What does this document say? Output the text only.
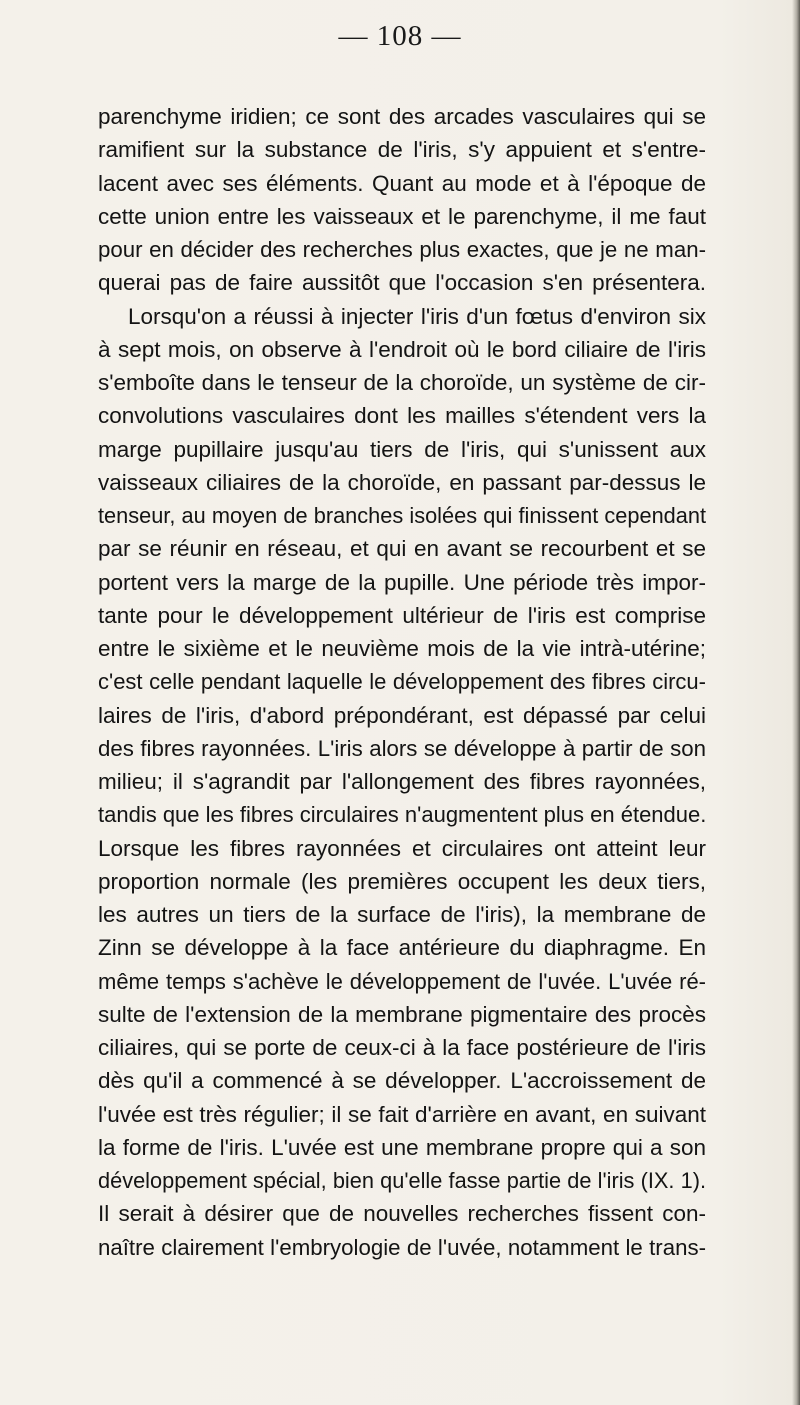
— 108 —
parenchyme iridien; ce sont des arcades vasculaires qui se
ramifient sur la substance de l'iris, s'y appuient et s'entre-
lacent avec ses éléments. Quant au mode et à l'époque de
cette union entre les vaisseaux et le parenchyme, il me faut
pour en décider des recherches plus exactes, que je ne man-
querai pas de faire aussitôt que l'occasion s'en présentera.
Lorsqu'on a réussi à injecter l'iris d'un fœtus d'environ six
à sept mois, on observe à l'endroit où le bord ciliaire de l'iris
s'emboîte dans le tenseur de la choroïde, un système de cir-
convolutions vasculaires dont les mailles s'étendent vers la
marge pupillaire jusqu'au tiers de l'iris, qui s'unissent aux
vaisseaux ciliaires de la choroïde, en passant par-dessus le
tenseur, au moyen de branches isolées qui finissent cependant
par se réunir en réseau, et qui en avant se recourbent et se
portent vers la marge de la pupille. Une période très impor-
tante pour le développement ultérieur de l'iris est comprise
entre le sixième et le neuvième mois de la vie intrà-utérine;
c'est celle pendant laquelle le développement des fibres circu-
laires de l'iris, d'abord prépondérant, est dépassé par celui
des fibres rayonnées. L'iris alors se développe à partir de son
milieu; il s'agrandit par l'allongement des fibres rayonnées,
tandis que les fibres circulaires n'augmentent plus en étendue.
Lorsque les fibres rayonnées et circulaires ont atteint leur
proportion normale (les premières occupent les deux tiers,
les autres un tiers de la surface de l'iris), la membrane de
Zinn se développe à la face antérieure du diaphragme. En
même temps s'achève le développement de l'uvée. L'uvée ré-
sulte de l'extension de la membrane pigmentaire des procès
ciliaires, qui se porte de ceux-ci à la face postérieure de l'iris
dès qu'il a commencé à se développer. L'accroissement de
l'uvée est très régulier; il se fait d'arrière en avant, en suivant
la forme de l'iris. L'uvée est une membrane propre qui a son
développement spécial, bien qu'elle fasse partie de l'iris (IX. 1).
Il serait à désirer que de nouvelles recherches fissent con-
naître clairement l'embryologie de l'uvée, notamment le trans-
